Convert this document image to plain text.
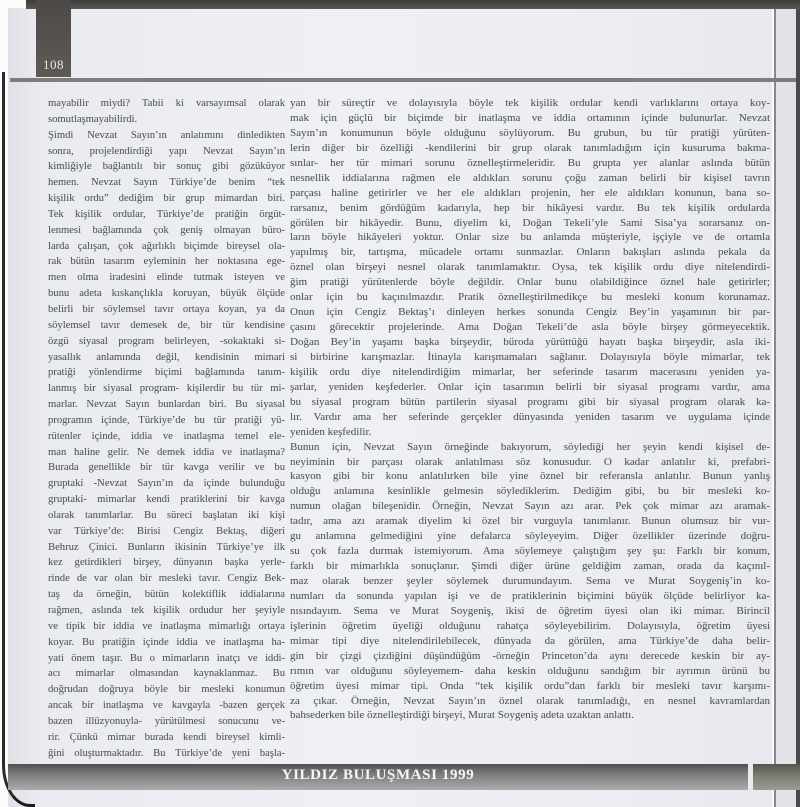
108
mayabilir miydi? Tabii ki varsayımsal olarak
somutlaşmayabilirdi.
Şimdi Nevzat Sayın’ın anlatımını dinledikten
sonra, projelendirdiği yapı Nevzat Sayın’ın
kimliğiyle bağlantılı bir sonuç gibi gözüküyor
hemen. Nevzat Sayın Türkiye’de benim “tek
kişilik ordu” dediğim bir grup mimardan biri.
Tek kişilik ordular, Türkiye’de pratiğin örgüt-
lenmesi bağlamında çok geniş olmayan büro-
larda çalışan, çok ağırlıklı biçimde bireysel ola-
rak bütün tasarım eyleminin her noktasına ege-
men olma iradesini elinde tutmak isteyen ve
bunu adeta kıskançlıkla koruyan, büyük ölçüde
belirli bir söylemsel tavır ortaya koyan, ya da
söylemsel tavır demesek de, bir tür kendisine
özgü siyasal program belirleyen, -sokaktaki si-
yasallık anlamında değil, kendisinin mimari
pratiği yönlendirme biçimi bağlamında tanım-
lanmış bir siyasal program- kişilerdir bu tür mi-
marlar. Nevzat Sayın bunlardan biri. Bu siyasal
programın içinde, Türkiye’de bu tür pratiği yü-
rütenler içinde, iddia ve inatlaşma temel ele-
man haline gelir. Ne demek iddia ve inatlaşma?
Burada genellikle bir tür kavga verilir ve bu
gruptaki -Nevzat Sayın’ın da içinde bulunduğu
gruptaki- mimarlar kendi pratiklerini bir kavga
olarak tanımlarlar. Bu süreci başlatan iki kişi
var Türkiye’de: Birisi Cengiz Bektaş, diğeri
Behruz Çinici. Bunların ikisinin Türkiye’ye ilk
kez getirdikleri birşey, dünyanın başka yerle-
rinde de var olan bir mesleki tavır. Cengiz Bek-
taş da örneğin, bütün kolektiflik iddialarına
rağmen, aslında tek kişilik ordudur her şeyiyle
ve tipik bir iddia ve inatlaşma mimarlığı ortaya
koyar. Bu pratiğin içinde iddia ve inatlaşma ha-
yati önem taşır. Bu o mimarların inatçı ve iddi-
acı mimarlar olmasından kaynaklanmaz. Bu
doğrudan doğruya böyle bir mesleki konumun
ancak bir inatlaşma ve kavgayla -bazen gerçek
bazen illüzyonuyla- yürütülmesi sonucunu ve-
rir. Çünkü mimar burada kendi bireysel kimli-
ğini oluşturmaktadır. Bu Türkiye’de yeni başla-
yan bir süreçtir ve dolayısıyla böyle tek kişilik ordular kendi varlıklarını ortaya koy-
mak için güçlü bir biçimde bir inatlaşma ve iddia ortamının içinde bulunurlar. Nevzat
Sayın’ın konumunun böyle olduğunu söylüyorum. Bu grubun, bu tür pratiği yürüten-
lerin diğer bir özelliği -kendilerini bir grup olarak tanımladığım için kusuruma bakma-
sınlar- her tür mimari sorunu öznelleştirmeleridir. Bu grupta yer alanlar aslında bütün
nesnellik iddialarına rağmen ele aldıkları sorunu çoğu zaman belirli bir kişisel tavrın
parçası haline getirirler ve her ele aldıkları projenin, her ele aldıkları konunun, bana so-
rarsanız, benim gördüğüm kadarıyla, hep bir hikâyesi vardır. Bu tek kişilik ordularda
görülen bir hikâyedir. Bunu, diyelim ki, Doğan Tekeli’yle Sami Sisa’ya sorarsanız on-
ların böyle hikâyeleri yoktur. Onlar size bu anlamda müşteriyle, işçiyle ve de ortamla
yapılmış bir, tartışma, mücadele ortamı sunmazlar. Onların bakışları aslında pekala da
öznel olan birşeyi nesnel olarak tanımlamaktır. Oysa, tek kişilik ordu diye nitelendirdi-
ğim pratiği yürütenlerde böyle değildir. Onlar bunu olabildiğince öznel hale getirirler;
onlar için bu kaçınılmazdır. Pratik öznelleştirilmedikçe bu mesleki konum korunamaz.
Onun için Cengiz Bektaş’ı dinleyen herkes sonunda Cengiz Bey’in yaşamının bir par-
çasını görecektir projelerinde. Ama Doğan Tekeli’de asla böyle birşey görmeyecektik.
Doğan Bey’in yaşamı başka birşeydir, büroda yürüttüğü hayatı başka birşeydir, asla iki-
si birbirine karışmazlar. İtinayla karışmamaları sağlanır. Dolayısıyla böyle mimarlar, tek
kişilik ordu diye nitelendirdiğim mimarlar, her seferinde tasarım macerasını yeniden ya-
şarlar, yeniden keşfederler. Onlar için tasarımın belirli bir siyasal programı vardır, ama
bu siyasal program bütün partilerin siyasal programı gibi bir siyasal program olarak ka-
lır. Vardır ama her seferinde gerçekler dünyasında yeniden tasarım ve uygulama içinde
yeniden keşfedilir.
Bunun için, Nevzat Sayın örneğinde bakıyorum, söylediği her şeyin kendi kişisel de-
neyiminin bir parçası olarak anlatılması söz konusudur. O kadar anlatılır ki, prefabri-
kasyon gibi bir konu anlatılırken bile yine öznel bir referansla anlatılır. Bunun yanlış
olduğu anlamına kesinlikle gelmesin söylediklerim. Dediğim gibi, bu bir mesleki ko-
numun olağan bileşenidir. Örneğin, Nevzat Sayın azı arar. Pek çok mimar azı aramak-
tadır, ama azı aramak diyelim ki özel bir vurguyla tanımlanır. Bunun olumsuz bir vur-
gu anlamına gelmediğini yine defalarca söyleyeyim. Diğer özellikler üzerinde doğru-
su çok fazla durmak istemiyorum. Ama söylemeye çalıştığım şey şu: Farklı bir konum,
farklı bir mimarlıkla sonuçlanır. Şimdi diğer ürüne geldiğim zaman, orada da kaçınıl-
maz olarak benzer şeyler söylemek durumundayım. Sema ve Murat Soygeniş’in ko-
numları da sonunda yapılan işi ve de pratiklerinin biçimini büyük ölçüde belirliyor ka-
nısındayım. Sema ve Murat Soygeniş, ikisi de öğretim üyesi olan iki mimar. Birincil
işlerinin öğretim üyeliği olduğunu rahatça söyleyebilirim. Dolayısıyla, öğretim üyesi
mimar tipi diye nitelendirilebilecek, dünyada da görülen, ama Türkiye’de daha belir-
gin bir çizgi çizdiğini düşündüğüm -örneğin Princeton’da aynı derecede keskin bir ay-
rımın var olduğunu söyleyemem- daha keskin olduğunu sandığım bir ayrımın ürünü bu
öğretim üyesi mimar tipi. Onda “tek kişilik ordu”dan farklı bir mesleki tavır karşımı-
za çıkar. Örneğin, Nevzat Sayın’ın öznel olarak tanımladığı, en nesnel kavramlardan
bahsederken bile öznelleştirdiği birşeyi, Murat Soygeniş adeta uzaktan anlattı.
YILDIZ BULUŞMASI 1999
